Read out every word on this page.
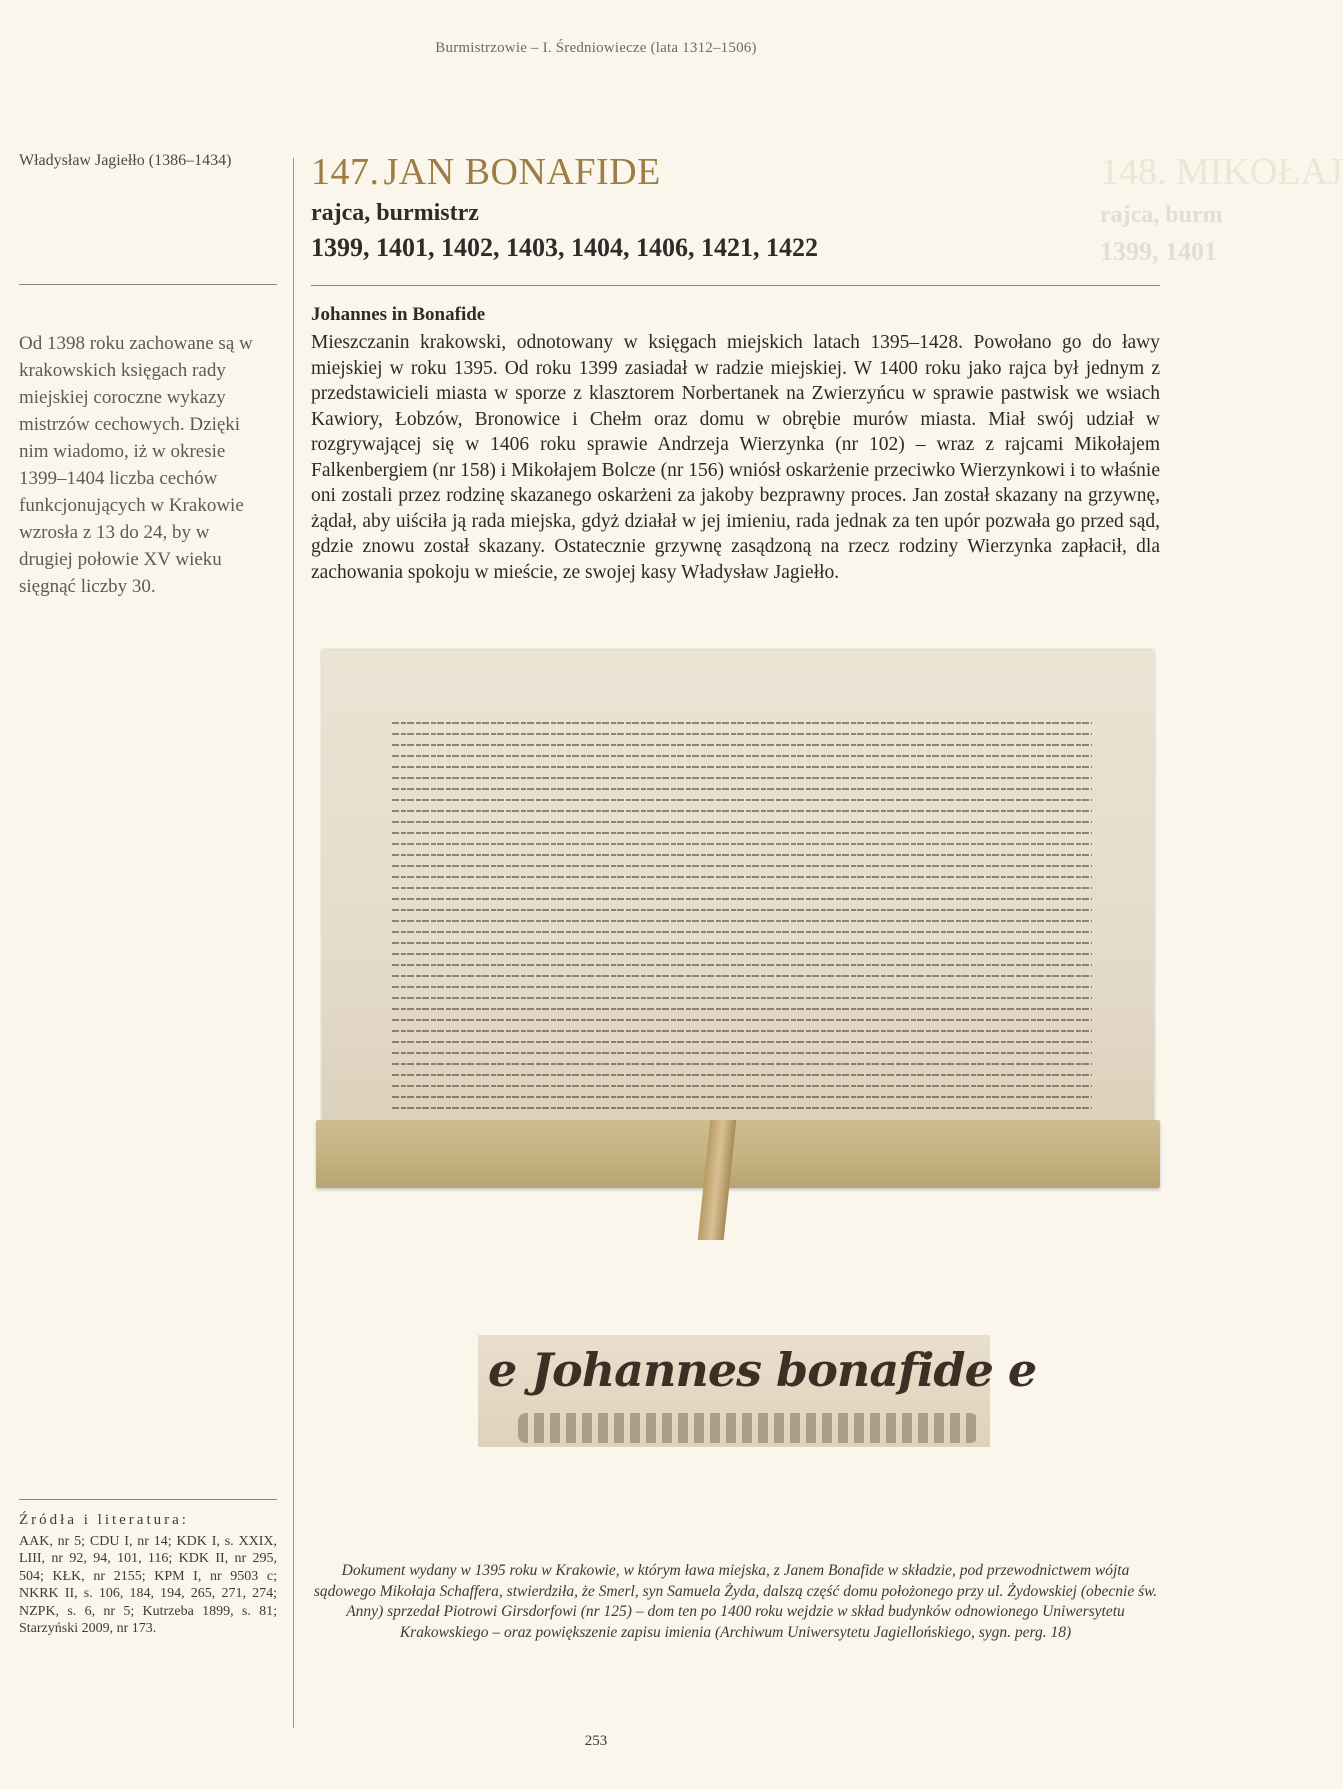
Burmistrzowie – I. Średniowiecze (lata 1312–1506)
Władysław Jagiełło (1386–1434)
Od 1398 roku zachowane są w krakowskich księgach rady miejskiej coroczne wykazy mistrzów cechowych. Dzięki nim wiadomo, iż w okresie 1399–1404 liczba cechów funkcjonujących w Krakowie wzrosła z 13 do 24, by w drugiej połowie XV wieku sięgnąć liczby 30.
147. JAN BONAFIDE
rajca, burmistrz
1399, 1401, 1402, 1403, 1404, 1406, 1421, 1422
148. MIKOŁAJ
rajca, burm
1399, 1401
Johannes in Bonafide
Mieszczanin krakowski, odnotowany w księgach miejskich latach 1395–1428. Powołano go do ławy miejskiej w roku 1395. Od roku 1399 zasiadał w radzie miejskiej. W 1400 roku jako rajca był jednym z przedstawicieli miasta w sporze z klasztorem Norbertanek na Zwierzyńcu w sprawie pastwisk we wsiach Kawiory, Łobzów, Bronowice i Chełm oraz domu w obrębie murów miasta. Miał swój udział w rozgrywającej się w 1406 roku sprawie Andrzeja Wierzynka (nr 102) – wraz z rajcami Mikołajem Falkenbergiem (nr 158) i Mikołajem Bolcze (nr 156) wniósł oskarżenie przeciwko Wierzynkowi i to właśnie oni zostali przez rodzinę skazanego oskarżeni za jakoby bezprawny proces. Jan został skazany na grzywnę, żądał, aby uiściła ją rada miejska, gdyż działał w jej imieniu, rada jednak za ten upór pozwała go przed sąd, gdzie znowu został skazany. Ostatecznie grzywnę zasądzoną na rzecz rodziny Wierzynka zapłacił, dla zachowania spokoju w mieście, ze swojej kasy Władysław Jagiełło.
e Johannes bonafide e
Źródła i literatura:
AAK, nr 5; CDU I, nr 14; KDK I, s. XXIX, LIII, nr 92, 94, 101, 116; KDK II, nr 295, 504; KŁK, nr 2155; KPM I, nr 9503 c; NKRK II, s. 106, 184, 194, 265, 271, 274; NZPK, s. 6, nr 5; Kutrzeba 1899, s. 81; Starzyński 2009, nr 173.
Dokument wydany w 1395 roku w Krakowie, w którym ława miejska, z Janem Bonafide w składzie, pod przewodnictwem wójta sądowego Mikołaja Schaffera, stwierdziła, że Smerl, syn Samuela Żyda, dalszą część domu położonego przy ul. Żydowskiej (obecnie św. Anny) sprzedał Piotrowi Girsdorfowi (nr 125) – dom ten po 1400 roku wejdzie w skład budynków odnowionego Uniwersytetu Krakowskiego – oraz powiększenie zapisu imienia (Archiwum Uniwersytetu Jagiellońskiego, sygn. perg. 18)
253
